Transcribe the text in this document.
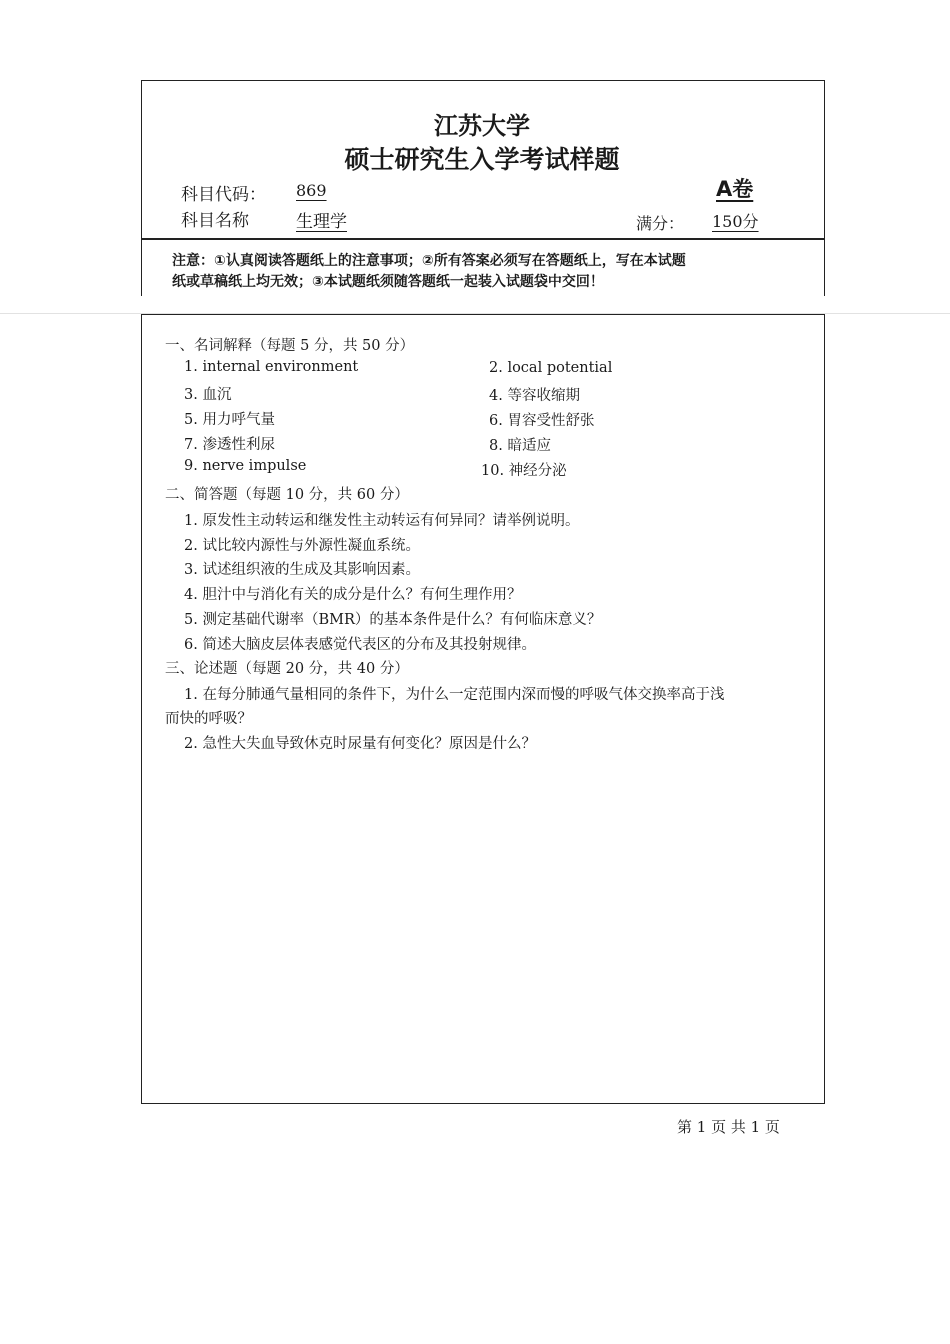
江苏大学
硕士研究生入学考试样题
科目代码： 869	A卷
科目名称	生理学	满分： 150分
注意：①认真阅读答题纸上的注意事项；②所有答案必须写在答题纸上，写在本试题
纸或草稿纸上均无效；③本试题纸须随答题纸一起装入试题袋中交回！
一、名词解释（每题 5 分，共 50 分）
1. internal environment	2. local potential
3. 血沉	4. 等容收缩期
5. 用力呼气量	6. 胃容受性舒张
7. 渗透性利尿	8. 暗适应
9. nerve impulse	10. 神经分泌
二、简答题（每题 10 分，共 60 分）
1. 原发性主动转运和继发性主动转运有何异同？请举例说明。
2. 试比较内源性与外源性凝血系统。
3. 试述组织液的生成及其影响因素。
4. 胆汁中与消化有关的成分是什么？有何生理作用？
5. 测定基础代谢率（BMR）的基本条件是什么？有何临床意义？
6. 简述大脑皮层体表感觉代表区的分布及其投射规律。
三、论述题（每题 20 分，共 40 分）
1. 在每分肺通气量相同的条件下，为什么一定范围内深而慢的呼吸气体交换率高于浅
而快的呼吸？
2. 急性大失血导致休克时尿量有何变化？原因是什么？
第 1 页 共 1 页
